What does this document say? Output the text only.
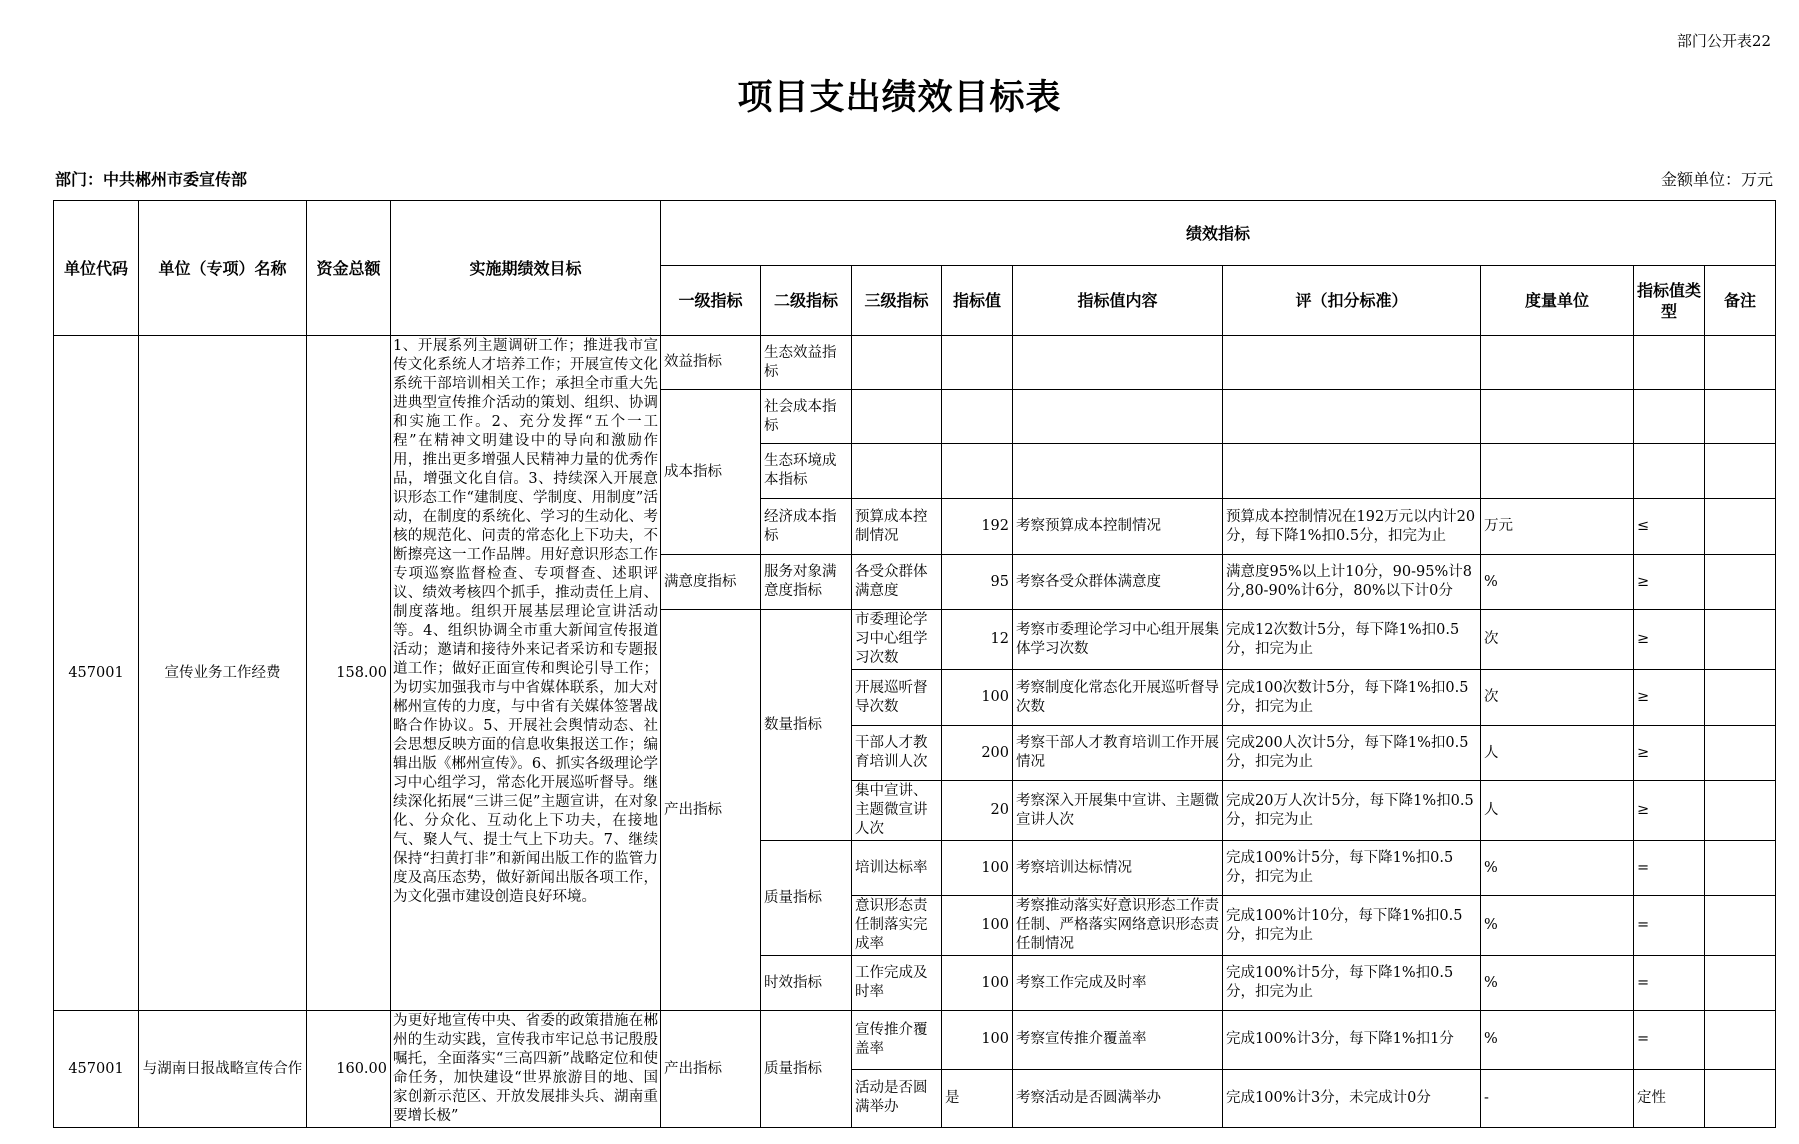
部门公开表22
项目支出绩效目标表
部门：中共郴州市委宣传部	金额单位：万元
单位代码	单位（专项）名称	资金总额	实施期绩效目标	绩效指标								
				一级指标	二级指标	三级指标	指标值	指标值内容	评（扣分标准）	度量单位	指标值类型	备注
457001	宣传业务工作经费	158.00	1、开展系列主题调研工作；推进我市宣传文化系统人才培养工作；开展宣传文化系统干部培训相关工作；承担全市重大先进典型宣传推介活动的策划、组织、协调和实施工作。2、充分发挥“五个一工程”在精神文明建设中的导向和激励作用，推出更多增强人民精神力量的优秀作品，增强文化自信。3、持续深入开展意识形态工作“建制度、学制度、用制度”活动，在制度的系统化、学习的生动化、考核的规范化、问责的常态化上下功夫，不断擦亮这一工作品牌。用好意识形态工作专项巡察监督检查、专项督查、述职评议、绩效考核四个抓手，推动责任上肩、制度落地。组织开展基层理论宣讲活动等。4、组织协调全市重大新闻宣传报道活动；邀请和接待外来记者采访和专题报道工作；做好正面宣传和舆论引导工作；为切实加强我市与中省媒体联系，加大对郴州宣传的力度，与中省有关媒体签署战略合作协议。5、开展社会舆情动态、社会思想反映方面的信息收集报送工作；编辑出版《郴州宣传》。6、抓实各级理论学习中心组学习，常态化开展巡听督导。继续深化拓展“三讲三促”主题宣讲，在对象化、分众化、互动化上下功夫，在接地气、聚人气、提士气上下功夫。7、继续保持“扫黄打非”和新闻出版工作的监管力度及高压态势，做好新闻出版各项工作，为文化强市建设创造良好环境。	效益指标	生态效益指标							
				成本指标	社会成本指标							
					生态环境成本指标							
					经济成本指标	预算成本控制情况	192	考察预算成本控制情况	预算成本控制情况在192万元以内计20分，每下降1%扣0.5分，扣完为止	万元	≤	
				满意度指标	服务对象满意度指标	各受众群体满意度	95	考察各受众群体满意度	满意度95%以上计10分，90-95%计8分,80-90%计6分，80%以下计0分	%	≥	
				产出指标	数量指标	市委理论学习中心组学习次数	12	考察市委理论学习中心组开展集体学习次数	完成12次数计5分，每下降1%扣0.5分，扣完为止	次	≥	
						开展巡听督导次数	100	考察制度化常态化开展巡听督导次数	完成100次数计5分，每下降1%扣0.5分，扣完为止	次	≥	
						干部人才教育培训人次	200	考察干部人才教育培训工作开展情况	完成200人次计5分，每下降1%扣0.5分，扣完为止	人	≥	
						集中宣讲、主题微宣讲人次	20	考察深入开展集中宣讲、主题微宣讲人次	完成20万人次计5分，每下降1%扣0.5分，扣完为止	人	≥	
					质量指标	培训达标率	100	考察培训达标情况	完成100%计5分，每下降1%扣0.5分，扣完为止	%	=	
						意识形态责任制落实完成率	100	考察推动落实好意识形态工作责任制、严格落实网络意识形态责任制情况	完成100%计10分，每下降1%扣0.5分，扣完为止	%	=	
					时效指标	工作完成及时率	100	考察工作完成及时率	完成100%计5分，每下降1%扣0.5分，扣完为止	%	=	
457001	与湖南日报战略宣传合作	160.00	为更好地宣传中央、省委的政策措施在郴州的生动实践，宣传我市牢记总书记殷殷嘱托，全面落实“三高四新”战略定位和使命任务，加快建设“世界旅游目的地、国家创新示范区、开放发展排头兵、湖南重要增长极”	产出指标	质量指标	宣传推介覆盖率	100	考察宣传推介覆盖率	完成100%计3分，每下降1%扣1分	%	=	
						活动是否圆满举办	是	考察活动是否圆满举办	完成100%计3分，未完成计0分	-	定性	
